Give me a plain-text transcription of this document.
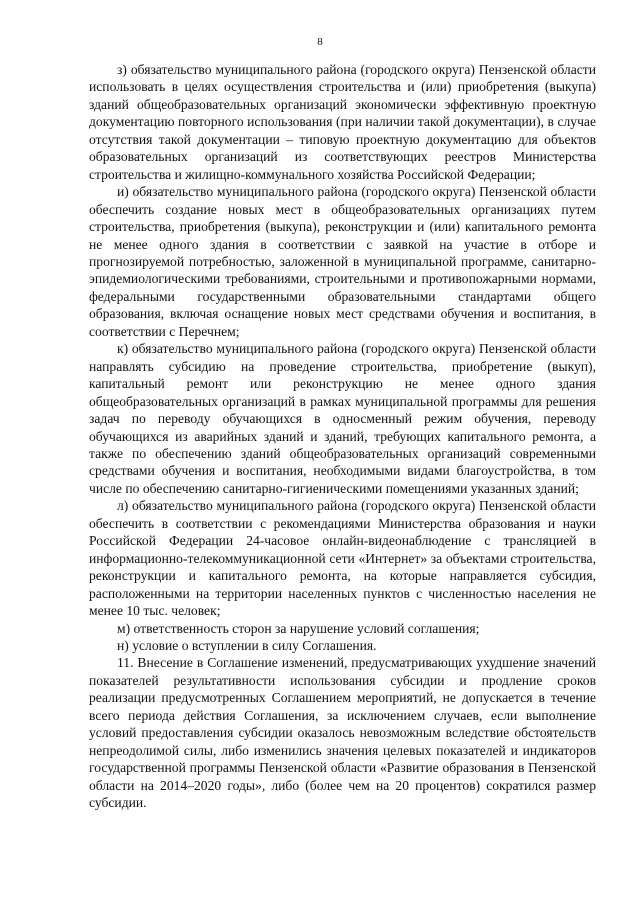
8

з) обязательство муниципального района (городского округа) Пензенской области использовать в целях осуществления строительства и (или) приобретения (выкупа) зданий общеобразовательных организаций экономически эффективную проектную документацию повторного использования (при наличии такой документации), в случае отсутствия такой документации – типовую проектную документацию для объектов образовательных организаций из соответствующих реестров Министерства строительства и жилищно-коммунального хозяйства Российской Федерации;

и) обязательство муниципального района (городского округа) Пензенской области обеспечить создание новых мест в общеобразовательных организациях путем строительства, приобретения (выкупа), реконструкции и (или) капитального ремонта не менее одного здания в соответствии с заявкой на участие в отборе и прогнозируемой потребностью, заложенной в муниципальной программе, санитарно-эпидемиологическими требованиями, строительными и противопожарными нормами, федеральными государственными образовательными стандартами общего образования, включая оснащение новых мест средствами обучения и воспитания, в соответствии с Перечнем;

к) обязательство муниципального района (городского округа) Пензенской области направлять субсидию на проведение строительства, приобретение (выкуп), капитальный ремонт или реконструкцию не менее одного здания общеобразовательных организаций в рамках муниципальной программы для решения задач по переводу обучающихся в односменный режим обучения, переводу обучающихся из аварийных зданий и зданий, требующих капитального ремонта, а также по обеспечению зданий общеобразовательных организаций современными средствами обучения и воспитания, необходимыми видами благоустройства, в том числе по обеспечению санитарно-гигиеническими помещениями указанных зданий;

л) обязательство муниципального района (городского округа) Пензенской области обеспечить в соответствии с рекомендациями Министерства образования и науки Российской Федерации 24-часовое онлайн-видеонаблюдение с трансляцией в информационно-телекоммуникационной сети «Интернет» за объектами строительства, реконструкции и капитального ремонта, на которые направляется субсидия, расположенными на территории населенных пунктов с численностью населения не менее 10 тыс. человек;

м) ответственность сторон за нарушение условий соглашения;

н) условие о вступлении в силу Соглашения.

11. Внесение в Соглашение изменений, предусматривающих ухудшение значений показателей результативности использования субсидии и продление сроков реализации предусмотренных Соглашением мероприятий, не допускается в течение всего периода действия Соглашения, за исключением случаев, если выполнение условий предоставления субсидии оказалось невозможным вследствие обстоятельств непреодолимой силы, либо изменились значения целевых показателей и индикаторов государственной программы Пензенской области «Развитие образования в Пензенской области на 2014–2020 годы», либо (более чем на 20 процентов) сократился размер субсидии.
